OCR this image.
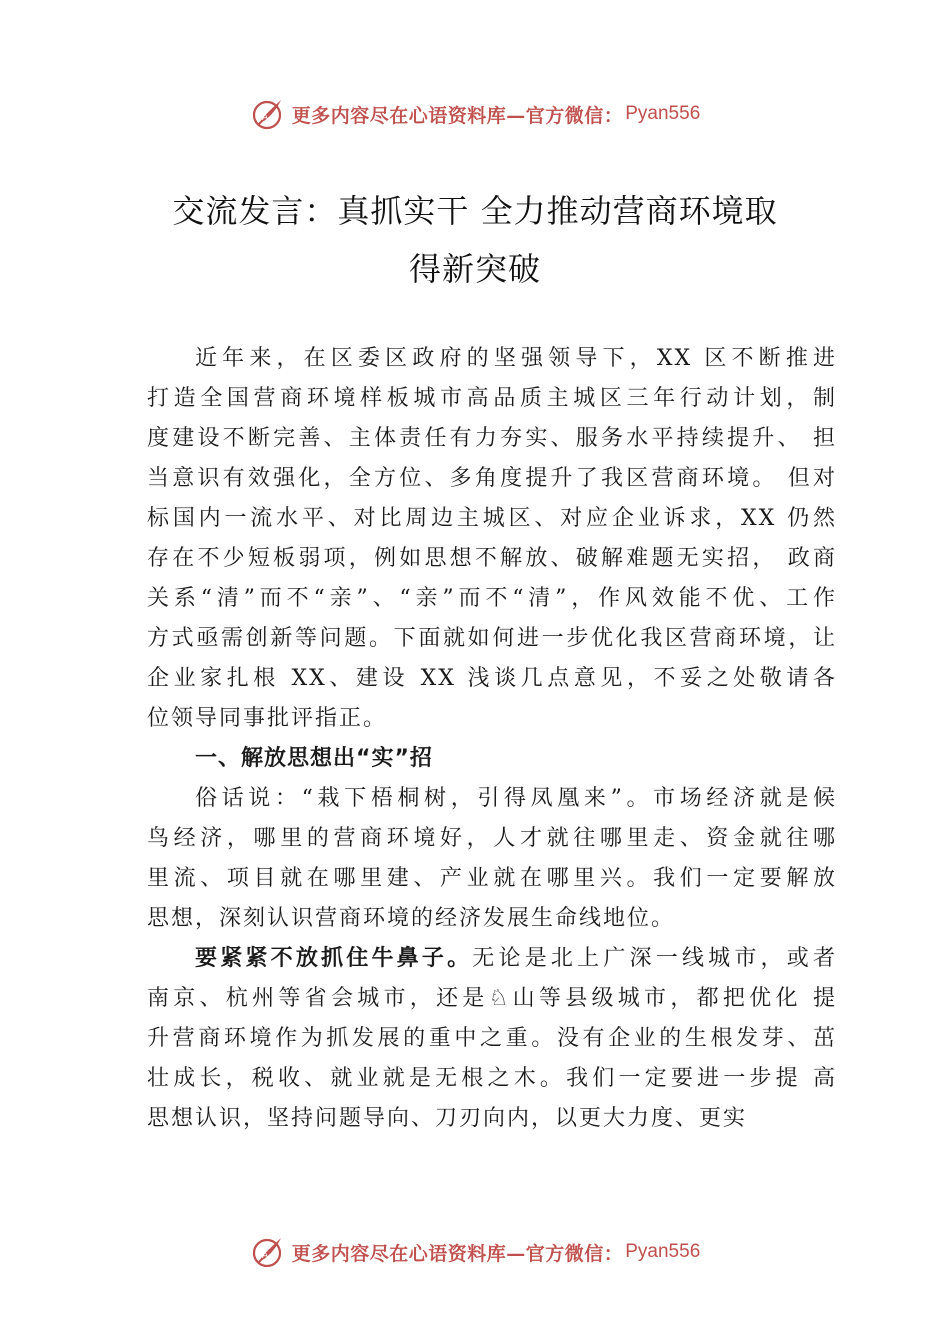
A 更多内容尽在心语资料库—官方微信： Pyan556
交流发言：真抓实干 全力推动营商环境取
得新突破
近年来，在区委区政府的坚强领导下，XX 区不断推进
打造全国营商环境样板城市高品质主城区三年行动计划，制
度建设不断完善、主体责任有力夯实、服务水平持续提升、 担
当意识有效强化，全方位、多角度提升了我区营商环境。 但对
标国内一流水平、对比周边主城区、对应企业诉求，XX 仍然
存在不少短板弱项，例如思想不解放、破解难题无实招， 政商
关系“清”而不“亲”、“亲”而不“清”，作风效能不优、工作
方式亟需创新等问题。下面就如何进一步优化我区营商环境，让
企业家扎根 XX、建设 XX 浅谈几点意见，不妥之处敬请各
位领导同事批评指正。
一、解放思想出“实”招
俗话说：“栽下梧桐树，引得凤凰来”。市场经济就是候
鸟经济，哪里的营商环境好，人才就往哪里走、资金就往哪
里流、项目就在哪里建、产业就在哪里兴。我们一定要解放
思想，深刻认识营商环境的经济发展生命线地位。
要紧紧不放抓住牛鼻子。无论是北上广深一线城市，或者
南京、杭州等省会城市，还是♘山等县级城市，都把优化 提
升营商环境作为抓发展的重中之重。没有企业的生根发芽、茁
壮成长，税收、就业就是无根之木。我们一定要进一步提 高
思想认识，坚持问题导向、刀刃向内，以更大力度、更实
A 更多内容尽在心语资料库—官方微信： Pyan556
